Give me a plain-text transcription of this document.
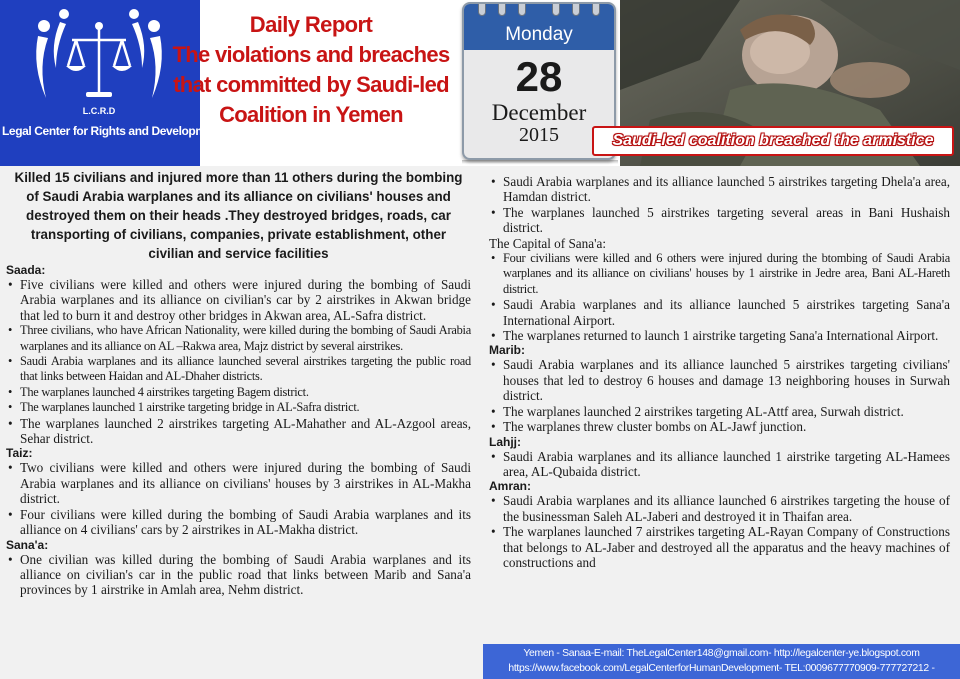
L.C.R.D
Legal Center for Rights and Development
Daily Report
The violations and breaches that committed by Saudi-led Coalition in Yemen
Monday
28
December
2015	Saudi-led coalition breached the armistice
Killed 15 civilians and injured more than 11 others during the bombing of Saudi Arabia warplanes and its alliance on civilians' houses and destroyed them on their heads .They destroyed bridges, roads, car transporting of civilians, companies, private establishment, other civilian and service facilities
Saada:
• Five civilians were killed and others were injured during the bombing of Saudi Arabia warplanes and its alliance on civilian's car by 2 airstrikes in Akwan bridge that led to burn it and destroy other bridges in Akwan area, AL-Safra district.
• Three civilians, who have African Nationality, were killed during the bombing of Saudi Arabia warplanes and its alliance on AL –Rakwa area, Majz district by several airstrikes.
• Saudi Arabia warplanes and its alliance launched several airstrikes targeting the public road that links between Haidan and AL-Dhaher districts.
• The warplanes launched 4 airstrikes targeting Bagem district.
• The warplanes launched 1 airstrike targeting bridge in AL-Safra district.
• The warplanes launched 2 airstrikes targeting AL-Mahather and AL-Azgool areas, Sehar district.
Taiz:
• Two civilians were killed and others were injured during the bombing of Saudi Arabia warplanes and its alliance on civilians' houses by 3 airstrikes in AL-Makha district.
• Four civilians were killed during the bombing of Saudi Arabia warplanes and its alliance on 4 civilians' cars by 2 airstrikes in AL-Makha district.
Sana'a:
• One civilian was killed during the bombing of Saudi Arabia warplanes and its alliance on civilian's car in the public road that links between Marib and Sana'a provinces by 1 airstrike in Amlah area, Nehm district.
• Saudi Arabia warplanes and its alliance launched 5 airstrikes targeting Dhela'a area, Hamdan district.
• The warplanes launched 5 airstrikes targeting several areas in Bani Hushaish district.
The Capital of Sana'a:
• Four civilians were killed and 6 others were injured during the btombing of Saudi Arabia warplanes and its alliance on civilians' houses by 1 airstrike in Jedre area, Bani AL-Hareth district.
• Saudi Arabia warplanes and its alliance launched 5 airstrikes targeting Sana'a International Airport.
• The warplanes returned to launch 1 airstrike targeting Sana'a International Airport.
Marib:
• Saudi Arabia warplanes and its alliance launched 5 airstrikes targeting civilians' houses that led to destroy 6 houses and damage 13 neighboring houses in Surwah district.
• The warplanes launched 2 airstrikes targeting AL-Attf area, Surwah district.
• The warplanes threw cluster bombs on AL-Jawf junction.
Lahjj:
• Saudi Arabia warplanes and its alliance launched 1 airstrike targeting AL-Hamees area, AL-Qubaida district.
Amran:
• Saudi Arabia warplanes and its alliance launched 6 airstrikes targeting the house of the businessman Saleh AL-Jaberi and destroyed it in Thaifan area.
• The warplanes launched 7 airstrikes targeting AL-Rayan Company of Constructions that belongs to AL-Jaber and destroyed all the apparatus and the heavy machines of constructions and
Yemen - Sanaa-E-mail: TheLegalCenter148@gmail.com- http://legalcenter-ye.blogspot.com
https://www.facebook.com/LegalCenterforHumanDevelopment- TEL:0009677770909-777727212 -
